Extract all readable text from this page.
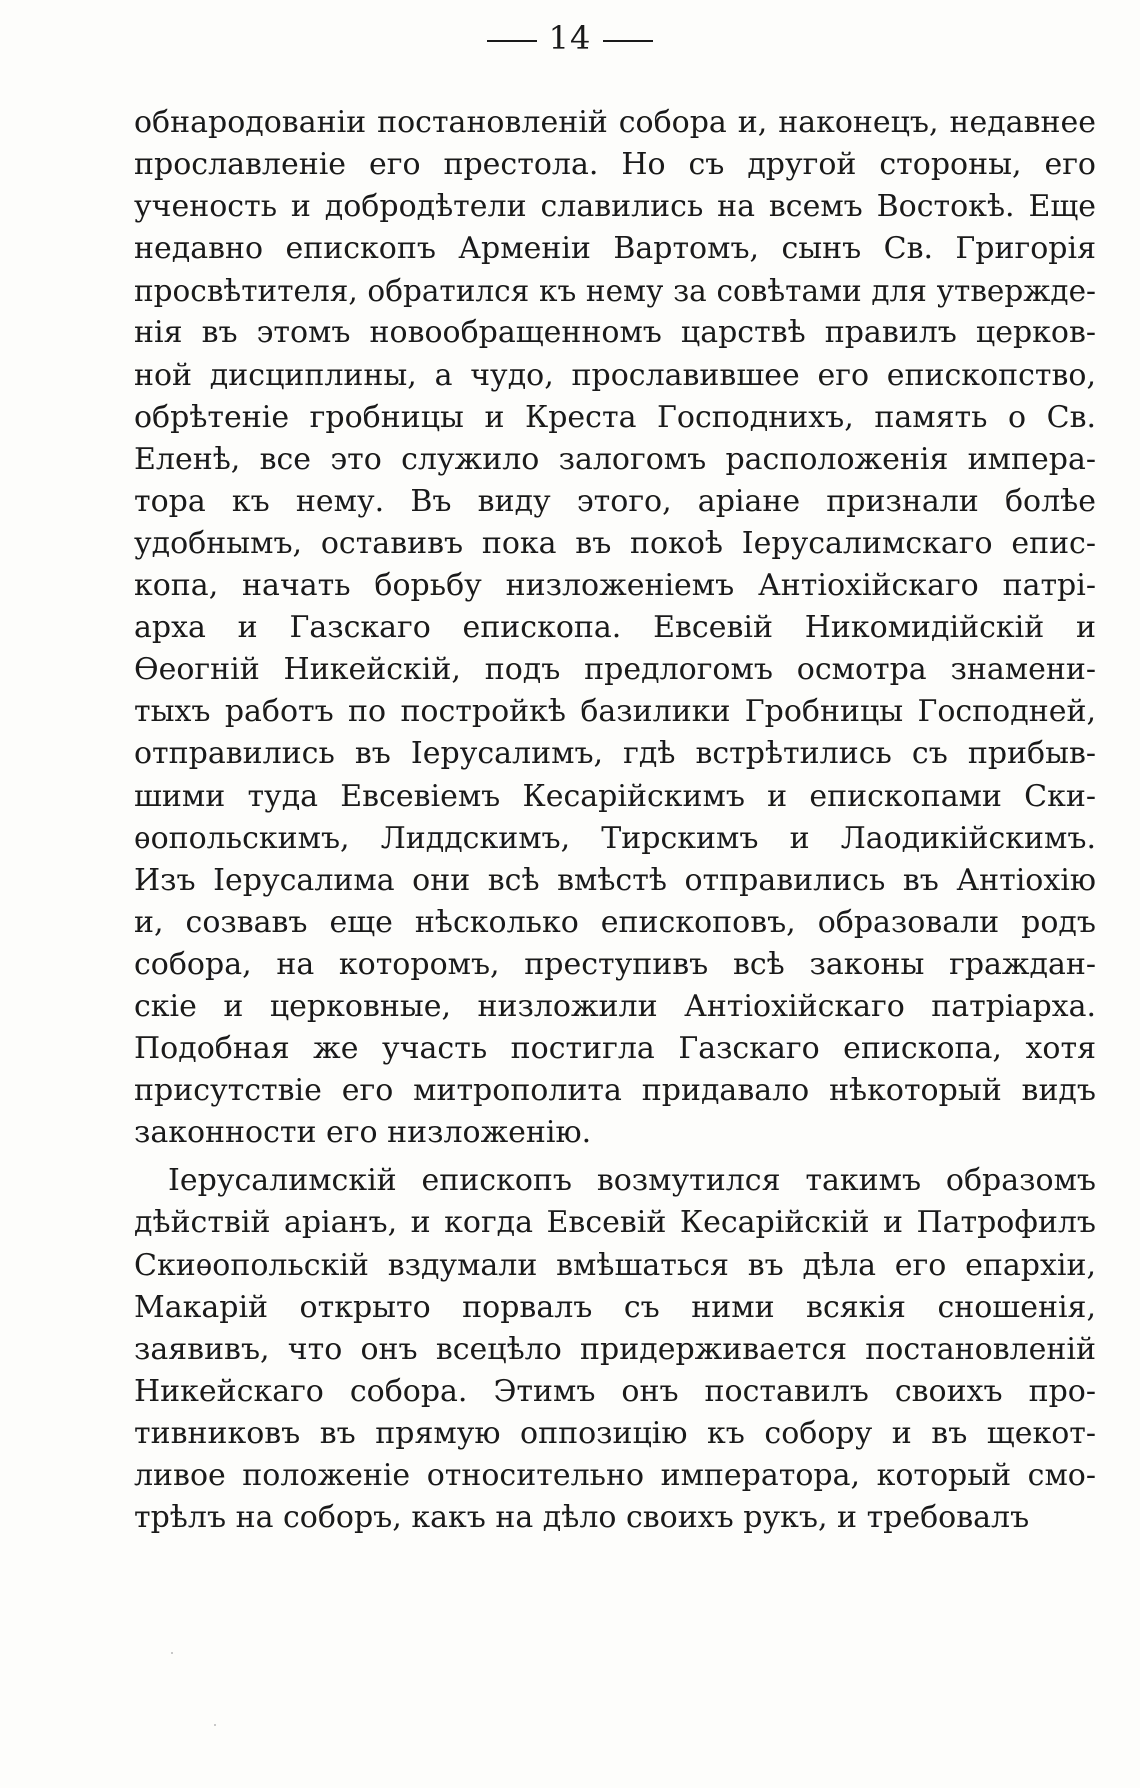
14
обнародованіи постановленій собора и, наконецъ, недавнее
прославленіе его престола. Но съ другой стороны, его
ученость и добродѣтели славились на всемъ Востокѣ. Еще
недавно епископъ Арменіи Вартомъ, сынъ Св. Григорія
просвѣтителя, обратился къ нему за совѣтами для утвержде-
нія въ этомъ новообращенномъ царствѣ правилъ церков-
ной дисциплины, а чудо, прославившее его епископство,
обрѣтеніе гробницы и Креста Господнихъ, память о Св.
Еленѣ, все это служило залогомъ расположенія импера-
тора къ нему. Въ виду этого, аріане признали болѣе
удобнымъ, оставивъ пока въ покоѣ Іерусалимскаго епис-
копа, начать борьбу низложеніемъ Антіохійскаго патрі-
арха и Газскаго епископа. Евсевій Никомидійскій и
Ѳеогній Никейскій, подъ предлогомъ осмотра знамени-
тыхъ работъ по постройкѣ базилики Гробницы Господней,
отправились въ Іерусалимъ, гдѣ встрѣтились съ прибыв-
шими туда Евсевіемъ Кесарійскимъ и епископами Ски-
ѳопольскимъ, Лиддскимъ, Тирскимъ и Лаодикійскимъ.
Изъ Іерусалима они всѣ вмѣстѣ отправились въ Антіохію
и, созвавъ еще нѣсколько епископовъ, образовали родъ
собора, на которомъ, преступивъ всѣ законы граждан-
скіе и церковные, низложили Антіохійскаго патріарха.
Подобная же участь постигла Газскаго епископа, хотя
присутствіе его митрополита придавало нѣкоторый видъ
законности его низложенію.
Іерусалимскій епископъ возмутился такимъ образомъ
дѣйствій аріанъ, и когда Евсевій Кесарійскій и Патрофилъ
Скиѳопольскій вздумали вмѣшаться въ дѣла его епархіи,
Макарій открыто порвалъ съ ними всякія сношенія,
заявивъ, что онъ всецѣло придерживается постановленій
Никейскаго собора. Этимъ онъ поставилъ своихъ про-
тивниковъ въ прямую оппозицію къ собору и въ щекот-
ливое положеніе относительно императора, который смо-
трѣлъ на соборъ, какъ на дѣло своихъ рукъ, и требовалъ
